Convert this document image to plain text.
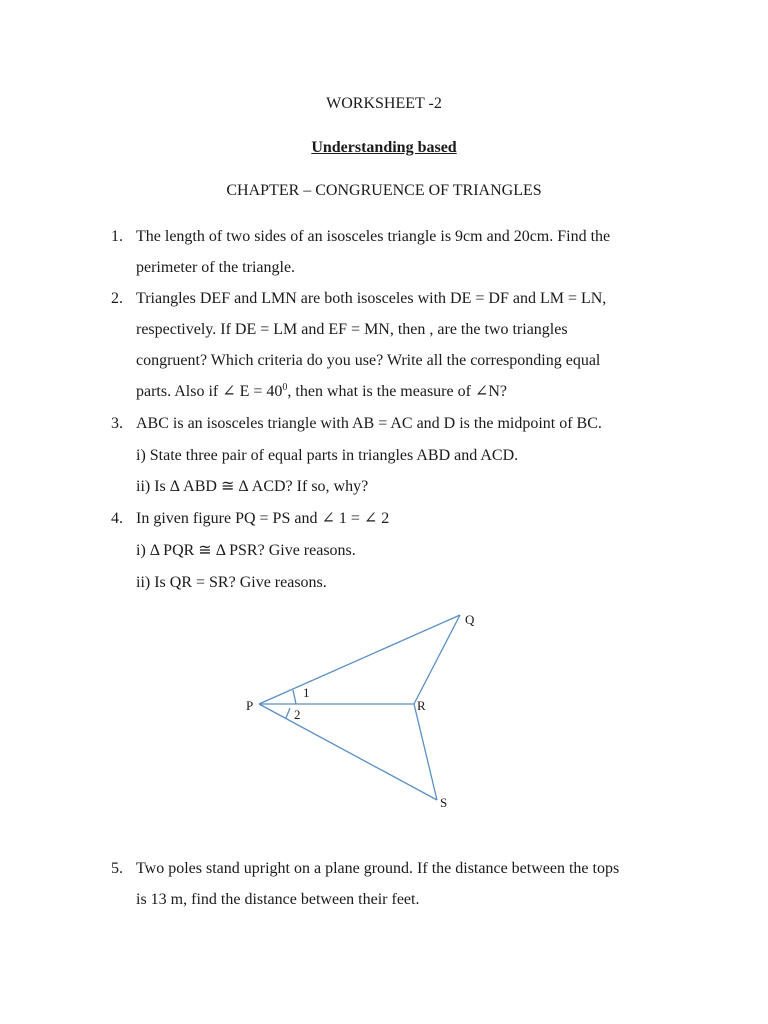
WORKSHEET -2
Understanding based
CHAPTER – CONGRUENCE OF TRIANGLES
1. The length of two sides of an isosceles triangle is 9cm and 20cm. Find the
perimeter of the triangle.
2. Triangles DEF and LMN are both isosceles with DE = DF and LM = LN,
respectively. If DE = LM and EF = MN, then , are the two triangles
congruent? Which criteria do you use? Write all the corresponding equal
parts. Also if ∠ $E = 40^0$, then what is the measure of ∠N?
3. ABC is an isosceles triangle with AB = AC and D is the midpoint of BC.
i) State three pair of equal parts in triangles ABD and ACD.
ii) Is Δ ABD ≅ Δ ACD? If so, why?
4. In given figure PQ = PS and ∠ 1 = ∠ 2
i) Δ PQR ≅ Δ PSR? Give reasons.
ii) Is QR = SR? Give reasons.
Q
P	R
S
1
2
5. Two poles stand upright on a plane ground. If the distance between the tops
is 13 m, find the distance between their feet.
